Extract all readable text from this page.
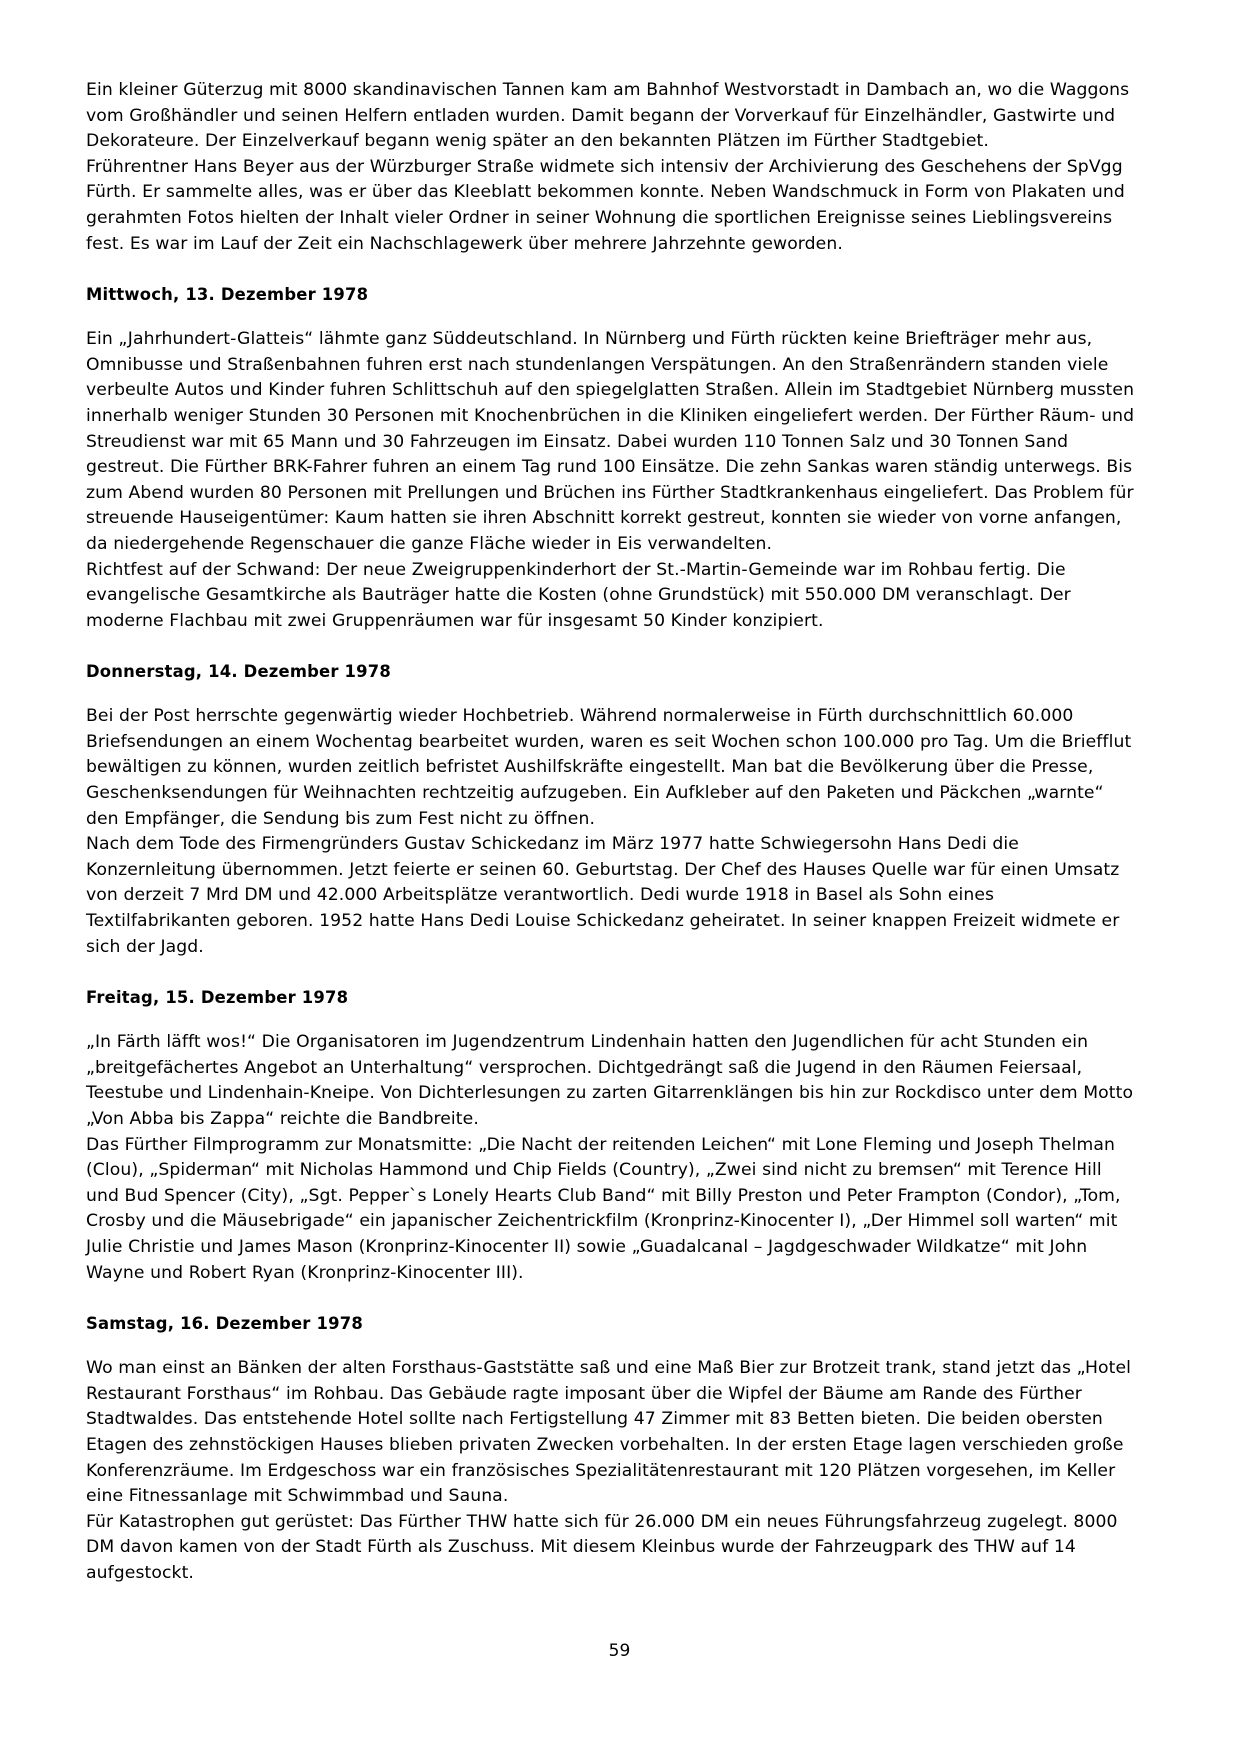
Ein kleiner Güterzug mit 8000 skandinavischen Tannen kam am Bahnhof Westvorstadt in Dambach an, wo die Waggons vom Großhändler und seinen Helfern entladen wurden. Damit begann der Vorverkauf für Einzelhändler, Gastwirte und Dekorateure. Der Einzelverkauf begann wenig später an den bekannten Plätzen im Fürther Stadtgebiet.

Frührentner Hans Beyer aus der Würzburger Straße widmete sich intensiv der Archivierung des Geschehens der SpVgg Fürth. Er sammelte alles, was er über das Kleeblatt bekommen konnte. Neben Wandschmuck in Form von Plakaten und gerahmten Fotos hielten der Inhalt vieler Ordner in seiner Wohnung die sportlichen Ereignisse seines Lieblingsvereins fest. Es war im Lauf der Zeit ein Nachschlagewerk über mehrere Jahrzehnte geworden.

Mittwoch, 13. Dezember 1978

Ein „Jahrhundert-Glatteis“ lähmte ganz Süddeutschland. In Nürnberg und Fürth rückten keine Briefträger mehr aus, Omnibusse und Straßenbahnen fuhren erst nach stundenlangen Verspätungen. An den Straßenrändern standen viele verbeulte Autos und Kinder fuhren Schlittschuh auf den spiegelglatten Straßen. Allein im Stadtgebiet Nürnberg mussten innerhalb weniger Stunden 30 Personen mit Knochenbrüchen in die Kliniken eingeliefert werden. Der Fürther Räum- und Streudienst war mit 65 Mann und 30 Fahrzeugen im Einsatz. Dabei wurden 110 Tonnen Salz und 30 Tonnen Sand gestreut. Die Fürther BRK-Fahrer fuhren an einem Tag rund 100 Einsätze. Die zehn Sankas waren ständig unterwegs. Bis zum Abend wurden 80 Personen mit Prellungen und Brüchen ins Fürther Stadtkrankenhaus eingeliefert. Das Problem für streuende Hauseigentümer: Kaum hatten sie ihren Abschnitt korrekt gestreut, konnten sie wieder von vorne anfangen, da niedergehende Regenschauer die ganze Fläche wieder in Eis verwandelten.

Richtfest auf der Schwand: Der neue Zweigruppenkinderhort der St.-Martin-Gemeinde war im Rohbau fertig. Die evangelische Gesamtkirche als Bauträger hatte die Kosten (ohne Grundstück) mit 550.000 DM veranschlagt. Der moderne Flachbau mit zwei Gruppenräumen war für insgesamt 50 Kinder konzipiert.

Donnerstag, 14. Dezember 1978

Bei der Post herrschte gegenwärtig wieder Hochbetrieb. Während normalerweise in Fürth durchschnittlich 60.000 Briefsendungen an einem Wochentag bearbeitet wurden, waren es seit Wochen schon 100.000 pro Tag. Um die Briefflut bewältigen zu können, wurden zeitlich befristet Aushilfskräfte eingestellt. Man bat die Bevölkerung über die Presse, Geschenksendungen für Weihnachten rechtzeitig aufzugeben. Ein Aufkleber auf den Paketen und Päckchen „warnte“ den Empfänger, die Sendung bis zum Fest nicht zu öffnen.

Nach dem Tode des Firmengründers Gustav Schickedanz im März 1977 hatte Schwiegersohn Hans Dedi die Konzernleitung übernommen. Jetzt feierte er seinen 60. Geburtstag. Der Chef des Hauses Quelle war für einen Umsatz von derzeit 7 Mrd DM und 42.000 Arbeitsplätze verantwortlich. Dedi wurde 1918 in Basel als Sohn eines Textilfabrikanten geboren. 1952 hatte Hans Dedi Louise Schickedanz geheiratet. In seiner knappen Freizeit widmete er sich der Jagd.

Freitag, 15. Dezember 1978

„In Färth läfft wos!“ Die Organisatoren im Jugendzentrum Lindenhain hatten den Jugendlichen für acht Stunden ein „breitgefächertes Angebot an Unterhaltung“ versprochen. Dichtgedrängt saß die Jugend in den Räumen Feiersaal, Teestube und Lindenhain-Kneipe. Von Dichterlesungen zu zarten Gitarrenklängen bis hin zur Rockdisco unter dem Motto „Von Abba bis Zappa“ reichte die Bandbreite.

Das Fürther Filmprogramm zur Monatsmitte: „Die Nacht der reitenden Leichen“ mit Lone Fleming und Joseph Thelman (Clou), „Spiderman“ mit Nicholas Hammond und Chip Fields (Country), „Zwei sind nicht zu bremsen“ mit Terence Hill und Bud Spencer (City), „Sgt. Pepper`s Lonely Hearts Club Band“ mit Billy Preston und Peter Frampton (Condor), „Tom, Crosby und die Mäusebrigade“ ein japanischer Zeichentrickfilm (Kronprinz-Kinocenter I), „Der Himmel soll warten“ mit Julie Christie und James Mason (Kronprinz-Kinocenter II) sowie „Guadalcanal – Jagdgeschwader Wildkatze“ mit John Wayne und Robert Ryan (Kronprinz-Kinocenter III).

Samstag, 16. Dezember 1978

Wo man einst an Bänken der alten Forsthaus-Gaststätte saß und eine Maß Bier zur Brotzeit trank, stand jetzt das „Hotel Restaurant Forsthaus“ im Rohbau. Das Gebäude ragte imposant über die Wipfel der Bäume am Rande des Fürther Stadtwaldes. Das entstehende Hotel sollte nach Fertigstellung 47 Zimmer mit 83 Betten bieten. Die beiden obersten Etagen des zehnstöckigen Hauses blieben privaten Zwecken vorbehalten. In der ersten Etage lagen verschieden große Konferenzräume. Im Erdgeschoss war ein französisches Spezialitätenrestaurant mit 120 Plätzen vorgesehen, im Keller eine Fitnessanlage mit Schwimmbad und Sauna.

Für Katastrophen gut gerüstet: Das Fürther THW hatte sich für 26.000 DM ein neues Führungsfahrzeug zugelegt. 8000 DM davon kamen von der Stadt Fürth als Zuschuss. Mit diesem Kleinbus wurde der Fahrzeugpark des THW auf 14 aufgestockt.

59
